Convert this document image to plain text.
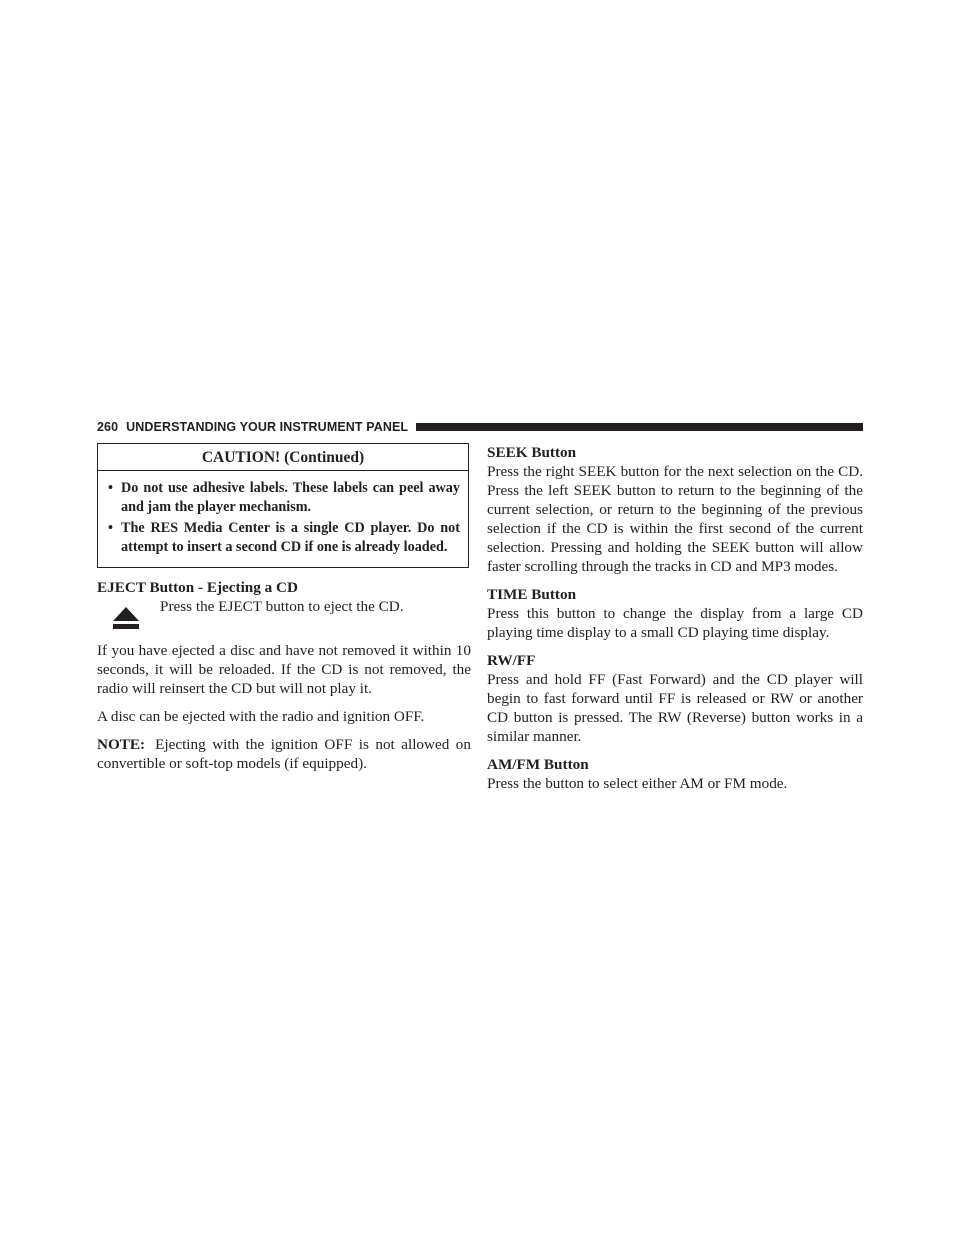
260 UNDERSTANDING YOUR INSTRUMENT PANEL
CAUTION! (Continued)
• Do not use adhesive labels. These labels can peel away and jam the player mechanism.
• The RES Media Center is a single CD player. Do not attempt to insert a second CD if one is already loaded.
EJECT Button - Ejecting a CD
Press the EJECT button to eject the CD.

If you have ejected a disc and have not removed it within 10 seconds, it will be reloaded. If the CD is not removed, the radio will reinsert the CD but will not play it.

A disc can be ejected with the radio and ignition OFF.

NOTE: Ejecting with the ignition OFF is not allowed on convertible or soft-top models (if equipped).

SEEK Button

Press the right SEEK button for the next selection on the CD. Press the left SEEK button to return to the beginning of the current selection, or return to the beginning of the previous selection if the CD is within the first second of the current selection. Pressing and holding the SEEK button will allow faster scrolling through the tracks in CD and MP3 modes.

TIME Button

Press this button to change the display from a large CD playing time display to a small CD playing time display.

RW/FF

Press and hold FF (Fast Forward) and the CD player will begin to fast forward until FF is released or RW or another CD button is pressed. The RW (Reverse) button works in a similar manner.

AM/FM Button

Press the button to select either AM or FM mode.
